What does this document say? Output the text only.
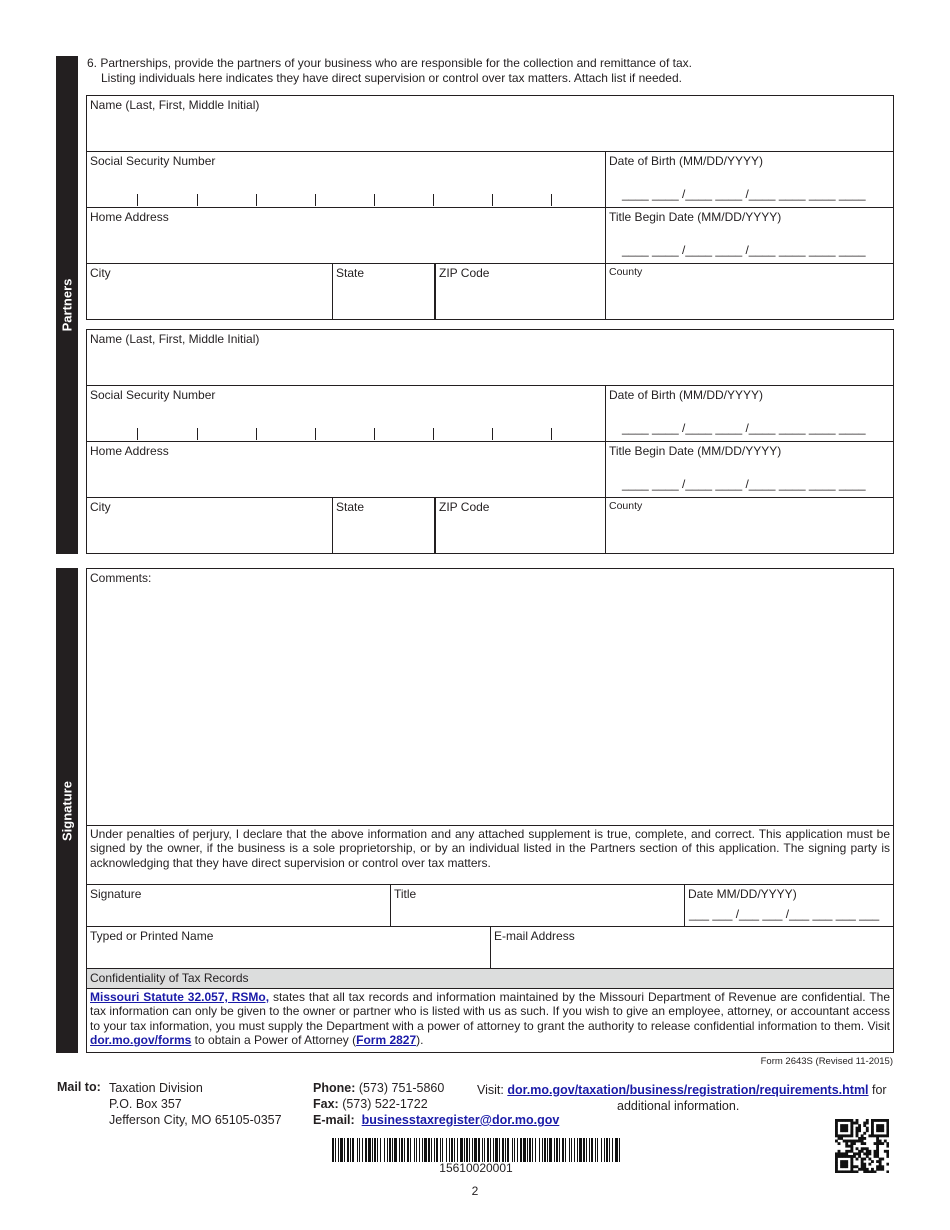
6. Partnerships, provide the partners of your business who are responsible for the collection and remittance of tax.
Listing individuals here indicates they have direct supervision or control over tax matters. Attach list if needed.
Partners
Name (Last, First, Middle Initial)
Social Security Number	Date of Birth (MM/DD/YYYY)
____ ____ /____ ____ /____ ____ ____ ____
Home Address	Title Begin Date (MM/DD/YYYY)
____ ____ /____ ____ /____ ____ ____ ____
City	State	ZIP Code	County
Name (Last, First, Middle Initial)
Social Security Number	Date of Birth (MM/DD/YYYY)
____ ____ /____ ____ /____ ____ ____ ____
Home Address	Title Begin Date (MM/DD/YYYY)
____ ____ /____ ____ /____ ____ ____ ____
City	State	ZIP Code	County
Signature
Comments:
Under penalties of perjury, I declare that the above information and any attached supplement is true, complete, and correct. This application must be signed by the owner, if the business is a sole proprietorship, or by an individual listed in the Partners section of this application. The signing party is acknowledging that they have direct supervision or control over tax matters.
Signature	Title	Date MM/DD/YYYY)
___ ___ /___ ___ /___ ___ ___ ___
Typed or Printed Name	E-mail Address
Confidentiality of Tax Records
Missouri Statute 32.057, RSMo, states that all tax records and information maintained by the Missouri Department of Revenue are confidential. The tax information can only be given to the owner or partner who is listed with us as such. If you wish to give an employee, attorney, or accountant access to your tax information, you must supply the Department with a power of attorney to grant the authority to release confidential information to them. Visit dor.mo.gov/forms to obtain a Power of Attorney (Form 2827).
Form 2643S (Revised 11-2015)
Mail to: Taxation Division
P.O. Box 357
Jefferson City, MO 65105-0357
Phone: (573) 751-5860
Fax: (573) 522-1722
E-mail: businesstaxregister@dor.mo.gov
Visit: dor.mo.gov/taxation/business/registration/requirements.html for
additional information.
15610020001
2
